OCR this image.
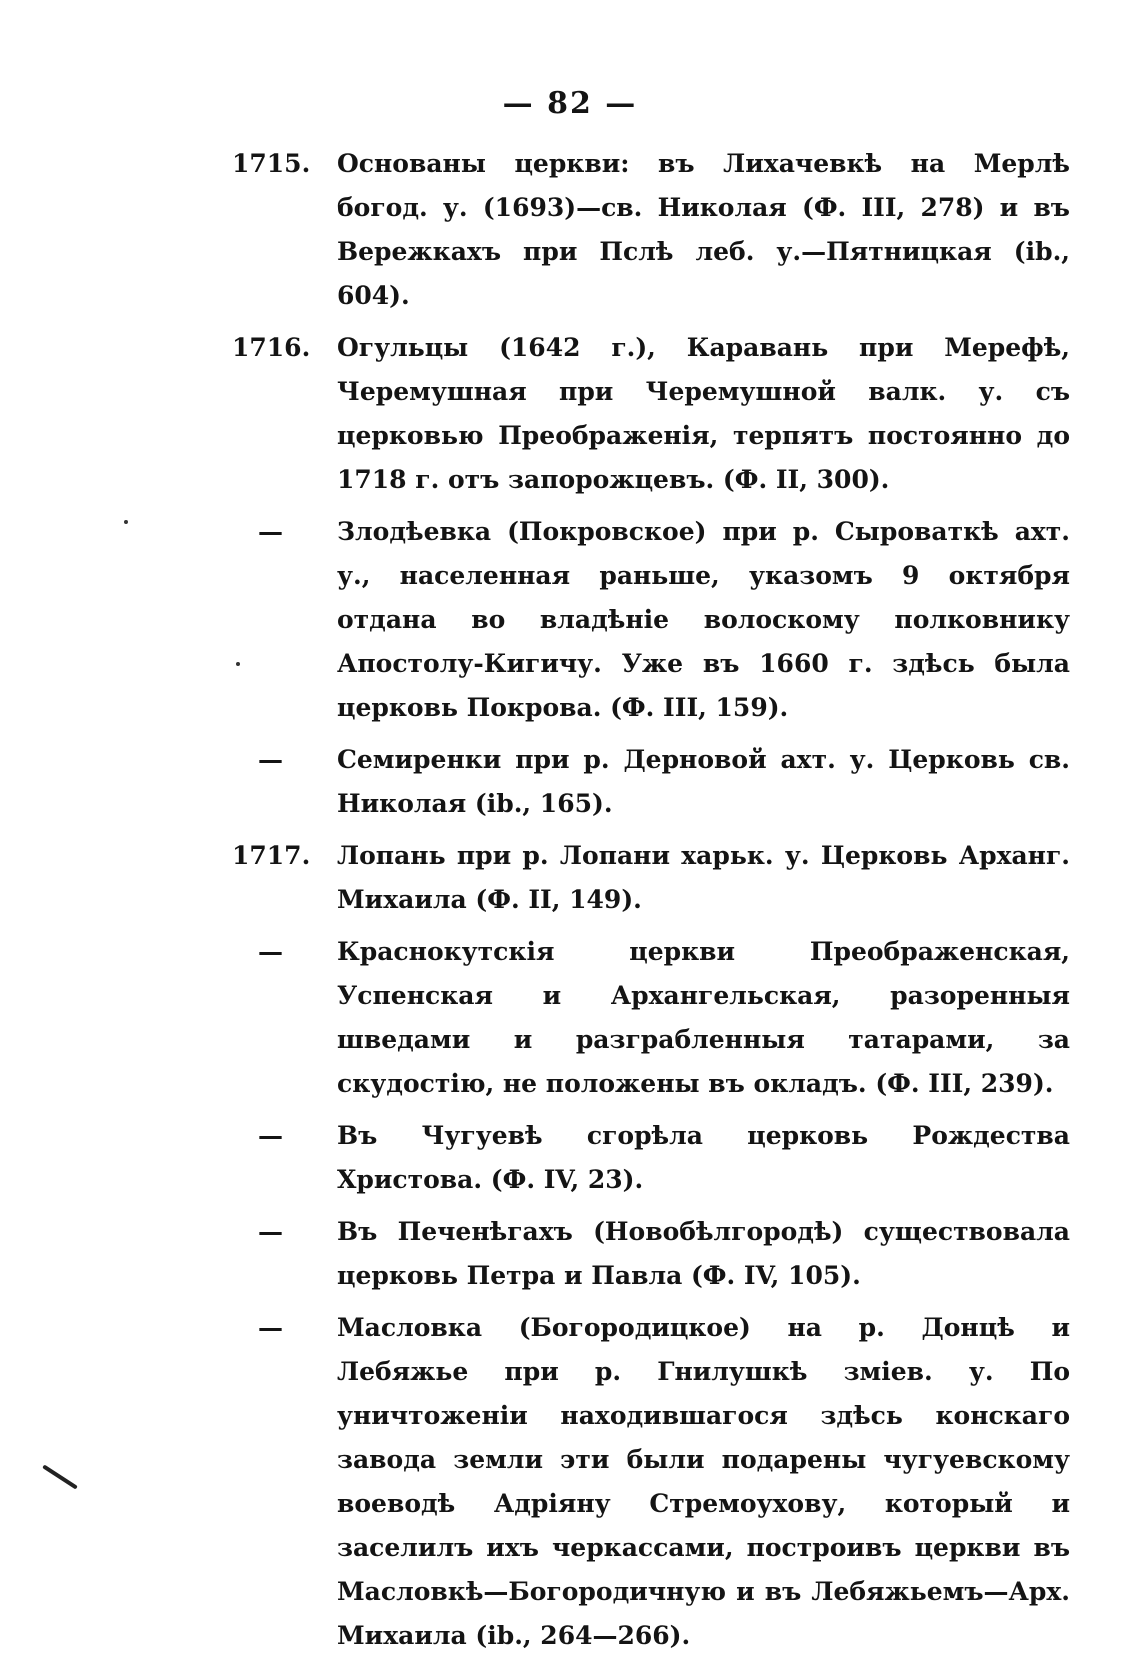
— 82 —
1715. Основаны церкви: въ Лихачевкѣ на Мерлѣ богод. у. (1693)—св. Николая (Ф. III, 278) и въ Вережкахъ при Пслѣ леб. у.—Пятницкая (ib., 604).
1716. Огульцы (1642 г.), Каравань при Мерефѣ, Черемушная при Черемушной валк. у. съ церковью Преображенія, терпятъ постоянно до 1718 г. отъ запорожцевъ. (Ф. II, 300).
— Злодѣевка (Покровское) при р. Сыроваткѣ ахт. у., населенная раньше, указомъ 9 октября отдана во владѣніе волоскому полковнику Апостолу-Кигичу. Уже въ 1660 г. здѣсь была церковь Покрова. (Ф. III, 159).
— Семиренки при р. Дерновой ахт. у. Церковь св. Николая (ib., 165).
1717. Лопань при р. Лопани харьк. у. Церковь Арханг. Михаила (Ф. II, 149).
— Краснокутскія церкви Преображенская, Успенская и Архангельская, разоренныя шведами и разграбленныя татарами, за скудостію, не положены въ окладъ. (Ф. III, 239).
— Въ Чугуевѣ сгорѣла церковь Рождества Христова. (Ф. IV, 23).
— Въ Печенѣгахъ (Новобѣлгородѣ) существовала церковь Петра и Павла (Ф. IV, 105).
— Масловка (Богородицкое) на р. Донцѣ и Лебяжье при р. Гнилушкѣ зміев. у. По уничтоженіи находившагося здѣсь конскаго завода земли эти были подарены чугуевскому воеводѣ Адріяну Стремоухову, который и заселилъ ихъ черкассами, построивъ церкви въ Масловкѣ—Богородичную и въ Лебяжьемъ—Арх. Михаила (ib., 264—266).
